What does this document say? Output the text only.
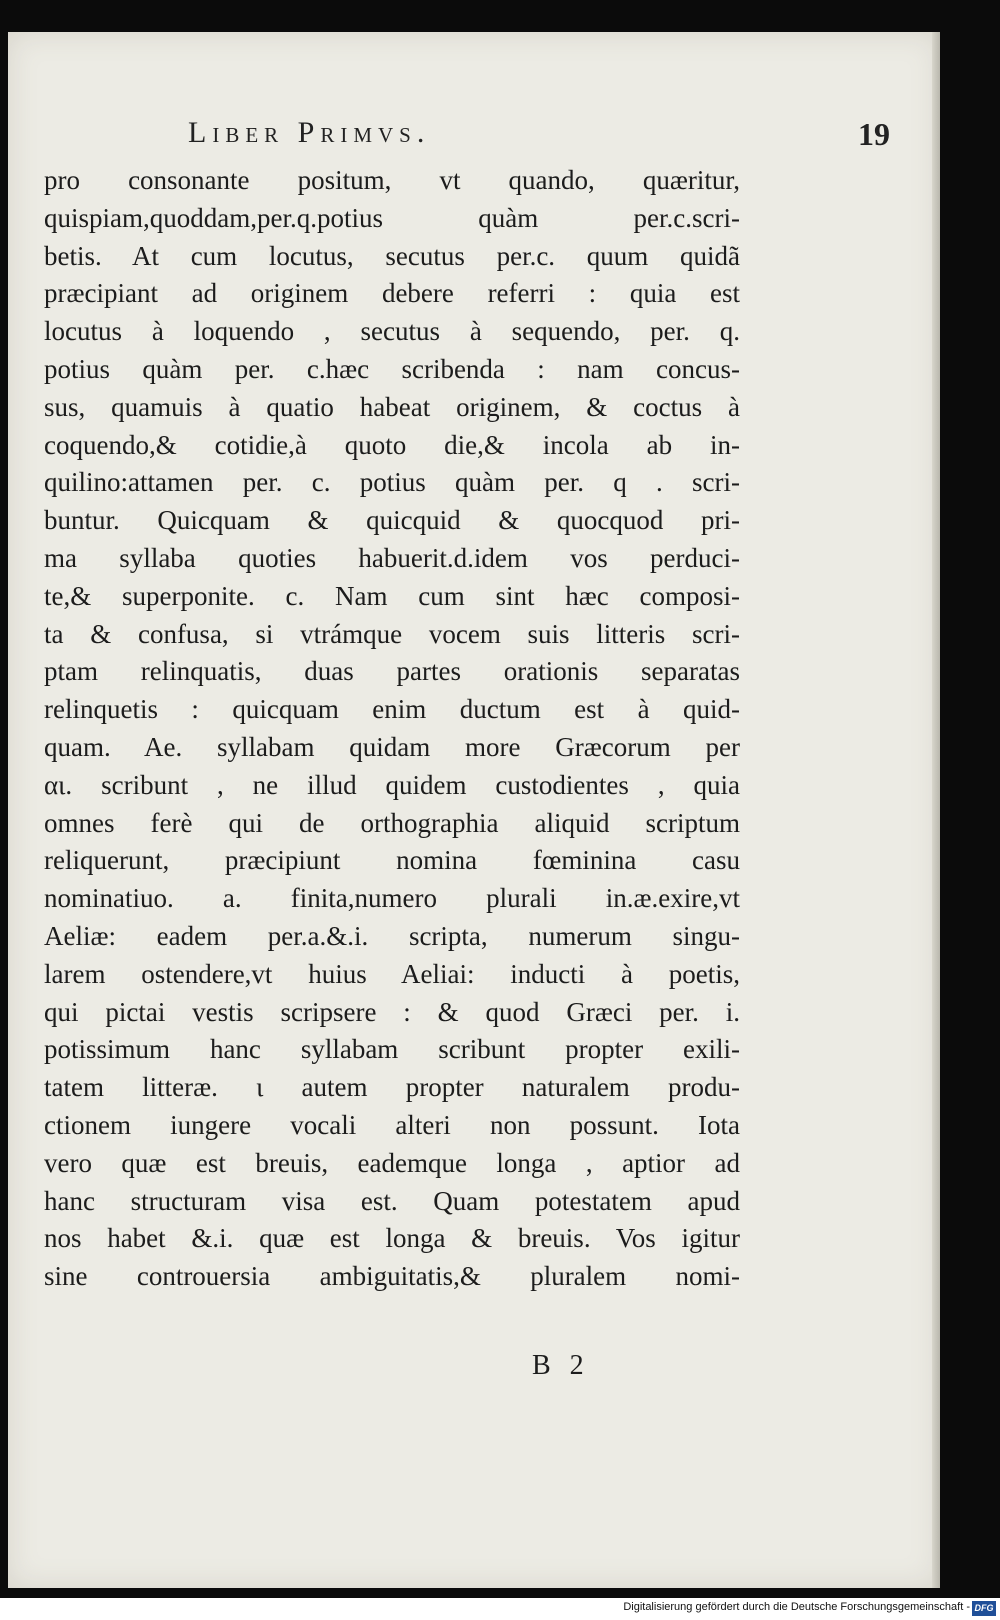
Liber Primvs.	19
pro consonante positum, vt quando, quæritur,
quispiam,quoddam,per.q.potius quàm per.c.scri-
betis. At cum locutus, secutus per.c. quum quidã
præcipiant ad originem debere referri : quia est
locutus à loquendo , secutus à sequendo, per. q.
potius quàm per. c.hæc scribenda : nam concus-
sus, quamuis à quatio habeat originem, & coctus à
coquendo,& cotidie,à quoto die,& incola ab in-
quilino:attamen per. c. potius quàm per. q . scri-
buntur. Quicquam & quicquid & quocquod pri-
ma syllaba quoties habuerit.d.idem vos perduci-
te,& superponite. c. Nam cum sint hæc composi-
ta & confusa, si vtrámque vocem suis litteris scri-
ptam relinquatis, duas partes orationis separatas
relinquetis : quicquam enim ductum est à quid-
quam. Ae. syllabam quidam more Græcorum per
αι. scribunt , ne illud quidem custodientes , quia
omnes ferè qui de orthographia aliquid scriptum
reliquerunt, præcipiunt nomina fœminina casu
nominatiuo. a. finita,numero plurali in.æ.exire,vt
Aeliæ: eadem per.a.&.i. scripta, numerum singu-
larem ostendere,vt huius Aeliai: inducti à poetis,
qui pictai vestis scripsere : & quod Græci per. i.
potissimum hanc syllabam scribunt propter exili-
tatem litteræ. ι autem propter naturalem produ-
ctionem iungere vocali alteri non possunt. Iota
vero quæ est breuis, eademque longa , aptior ad
hanc structuram visa est. Quam potestatem apud
nos habet &.i. quæ est longa & breuis. Vos igitur
sine controuersia ambiguitatis,& pluralem nomi-
B 2
Digitalisierung gefördert durch die Deutsche Forschungsgemeinschaft - DFG
